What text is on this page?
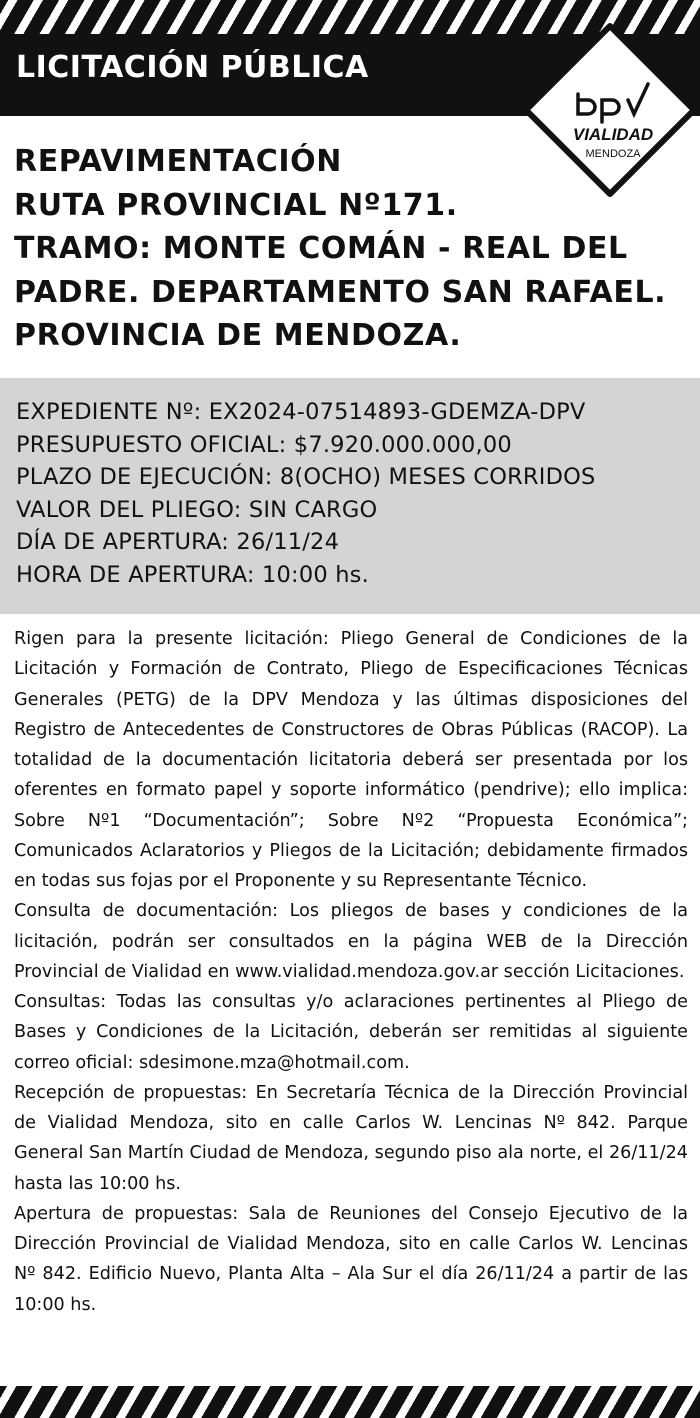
LICITACIÓN PÚBLICA
VIALIDAD
MENDOZA
REPAVIMENTACIÓN
RUTA PROVINCIAL Nº171.
TRAMO: MONTE COMÁN - REAL DEL
PADRE. DEPARTAMENTO SAN RAFAEL.
PROVINCIA DE MENDOZA.
EXPEDIENTE Nº: EX2024-07514893-GDEMZA-DPV
PRESUPUESTO OFICIAL: $7.920.000.000,00
PLAZO DE EJECUCIÓN: 8(OCHO) MESES CORRIDOS
VALOR DEL PLIEGO: SIN CARGO
DÍA DE APERTURA: 26/11/24
HORA DE APERTURA: 10:00 hs.

Rigen para la presente licitación: Pliego General de Condiciones de la Licitación y Formación de Contrato, Pliego de Especificaciones Técnicas Generales (PETG) de la DPV Mendoza y las últimas disposiciones del Registro de Antecedentes de Constructores de Obras Públicas (RACOP). La totalidad de la documentación licitatoria deberá ser presentada por los oferentes en formato papel y soporte informático (pendrive); ello implica: Sobre Nº1 “Documentación”; Sobre Nº2 “Propuesta Económica”; Comunicados Aclaratorios y Pliegos de la Licitación; debidamente firmados en todas sus fojas por el Proponente y su Representante Técnico.

Consulta de documentación: Los pliegos de bases y condiciones de la licitación, podrán ser consultados en la página WEB de la Dirección Provincial de Vialidad en www.vialidad.mendoza.gov.ar sección Licitaciones.

Consultas: Todas las consultas y/o aclaraciones pertinentes al Pliego de Bases y Condiciones de la Licitación, deberán ser remitidas al siguiente correo oficial: sdesimone.mza@hotmail.com.

Recepción de propuestas: En Secretaría Técnica de la Dirección Provincial de Vialidad Mendoza, sito en calle Carlos W. Lencinas Nº 842. Parque General San Martín Ciudad de Mendoza, segundo piso ala norte, el 26/11/24 hasta las 10:00 hs.

Apertura de propuestas: Sala de Reuniones del Consejo Ejecutivo de la Dirección Provincial de Vialidad Mendoza, sito en calle Carlos W. Lencinas Nº 842. Edificio Nuevo, Planta Alta – Ala Sur el día 26/11/24 a partir de las 10:00 hs.
